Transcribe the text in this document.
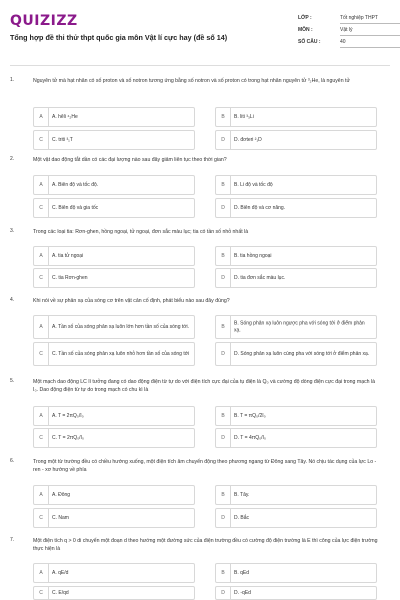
QUIZIZZ
Tổng hợp đề thi thử thpt quốc gia môn Vật lí cực hay (đề số 14)
LỚP :	Tốt nghiệp THPT
MÔN :	Vật lý
SỐ CÂU :	40
1.	Nguyên tử mà hạt nhân có số proton và số notron tương ứng bằng số notron và số proton có trong hạt nhân nguyên tử ³₂He, là nguyên tử
A	A. hêli ⁴₂He	B	B. liti ³₃Li
C	C. triti ³₁T	D	D. đơteri ²₁D
2.	Một vật dao động tắt dần có các đại lượng nào sau đây giảm liên tục theo thời gian?
A	A. Biên độ và tốc độ.	B	B. Li độ và tốc độ
C	C. Biên độ và gia tốc	D	D. Biên độ và cơ năng.
3.	Trong các loại tia: Rơn-ghen, hồng ngoại, tử ngoại, đơn sắc màu lục; tia có tần số nhỏ nhất là
A	A. tia tử ngoại	B	B. tia hồng ngoại
C	C. tia Rơn-ghen	D	D. tia đơn sắc màu lục.
4.	Khi nói về sự phản xạ của sóng cơ trên vật cản cố định, phát biểu nào sau đây đúng?
A	A. Tần số của sóng phản xạ luôn lớn hơn tần số của sóng tới.	B
B. Sóng phản xạ luôn ngược pha với sóng tới ở điểm phản xạ.
C	C. Tần số của sóng phản xạ luôn nhỏ hơn tần số của sóng tới	D	D. Sóng phản xạ luôn cùng pha với sóng tới ở điểm phản xạ.
5.	Một mạch dao động LC lí tưởng đang có dao động điện từ tự do với điện tích cực đại của tụ điện là Q₀ và cường độ dòng điện cực đại trong mạch là I₀. Dao động điện từ tự do trong mạch có chu kì là
A	A. T = 2πQ₀/I₀	B	B. T = πQ₀/2I₀
C	C. T = 2πQ₀/I₀	D	D. T = 4πQ₀/I₀
6.	Trong một từ trường đều có chiều hướng xuống, một điện tích âm chuyển động theo phương ngang từ Đông sang Tây. Nó chịu tác dụng của lực Lo - ren - xơ hướng về phía
A	A. Đông	B	B. Tây.
C	C. Nam	D	D. Bắc
7.	Một điện tích q > 0 di chuyển một đoạn d theo hướng một đường sức của điện trường đều có cường độ điện trường là E thì công của lực điện trường thực hiện là
A	A. qE/d	B	B. qEd
C	C. E/qd	D	D. -qEd
